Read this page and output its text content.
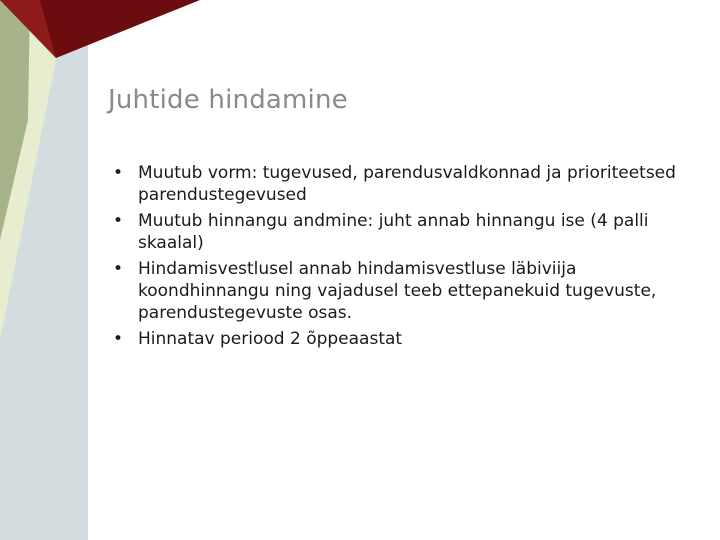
Juhtide hindamine
• Muutub vorm: tugevused, parendusvaldkonnad ja prioriteetsed parendustegevused
• Muutub hinnangu andmine: juht annab hinnangu ise (4 palli skaalal)
• Hindamisvestlusel annab hindamisvestluse läbiviija koondhinnangu ning vajadusel teeb ettepanekuid tugevuste, parendustegevuste osas.
• Hinnatav periood 2 õppeaastat
